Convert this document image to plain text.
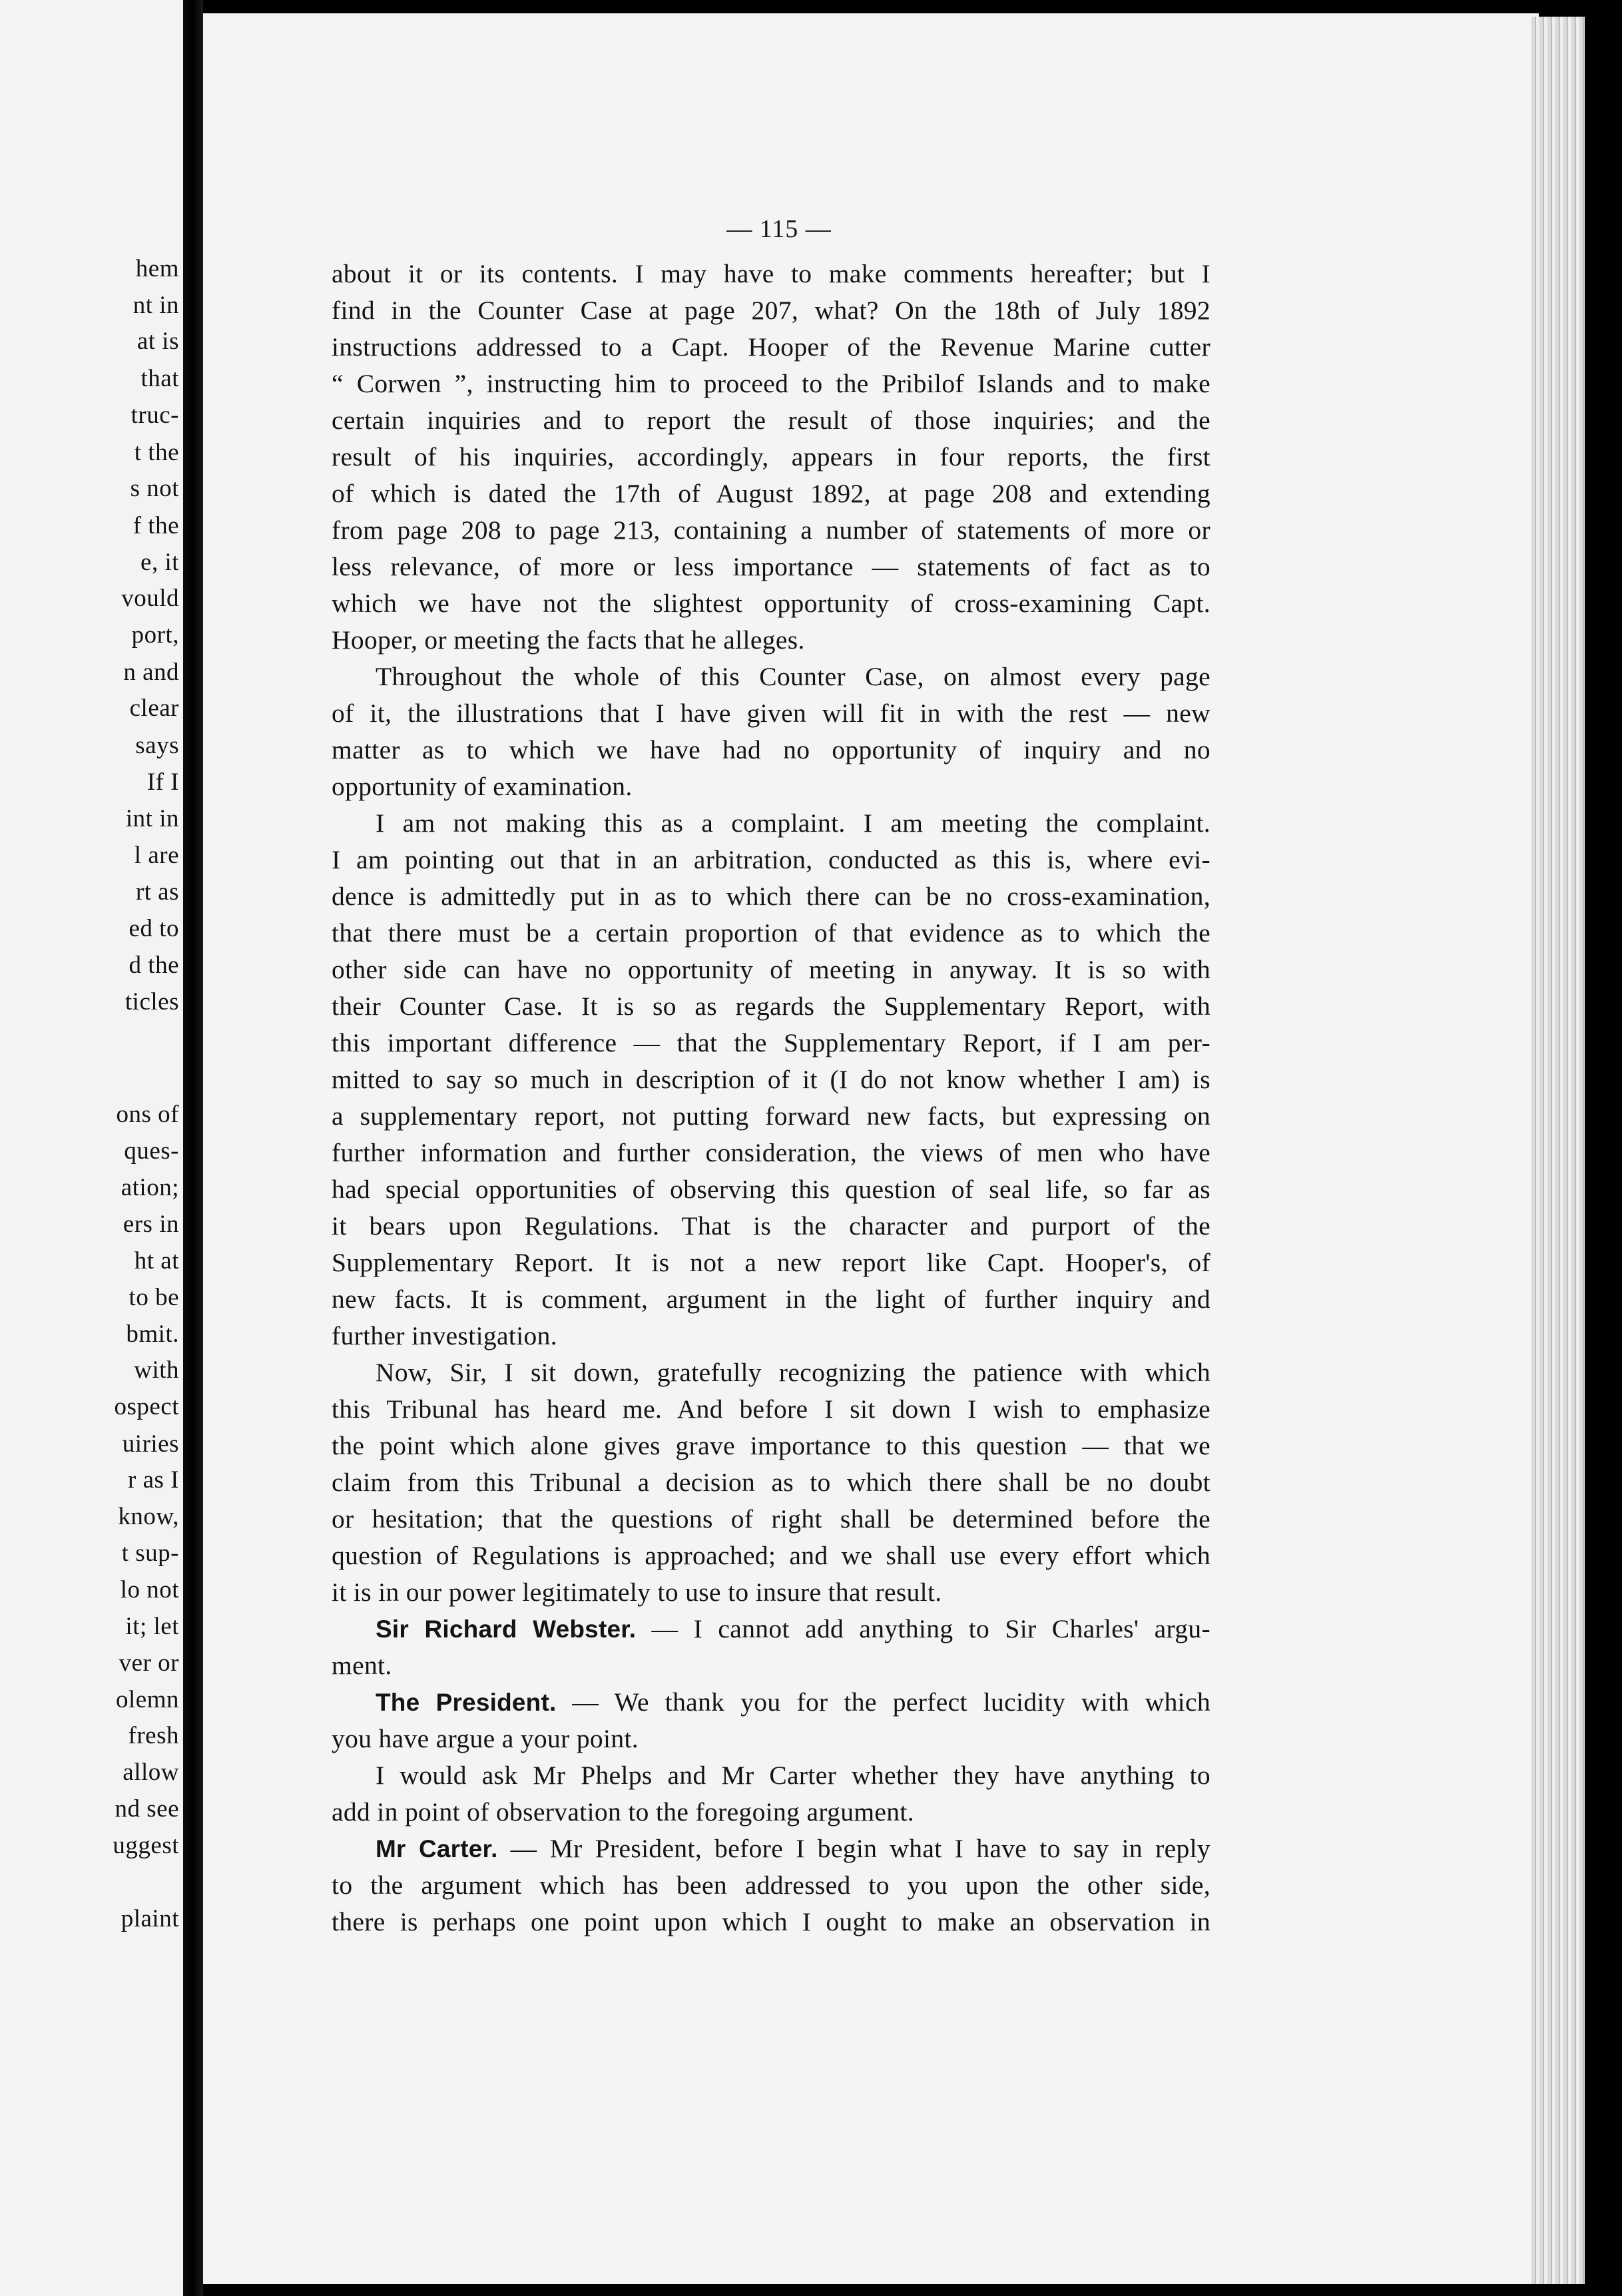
hem
nt in
at is
that
truc-
t the
s not
f the
e, it
vould
port,
n and
clear
says
If I
int in
l are
rt as
ed to
d the
ticles
ons of
ques-
ation;
ers in
ht at
to be
bmit.
with
ospect
uiries
r as I
know,
t sup-
lo not
it; let
ver or
olemn
fresh
allow
nd see
uggest
plaint
— 115 —
about it or its contents. I may have to make comments hereafter; but I
find in the Counter Case at page 207, what? On the 18th of July 1892
instructions addressed to a Capt. Hooper of the Revenue Marine cutter
“ Corwen ”, instructing him to proceed to the Pribilof Islands and to make
certain inquiries and to report the result of those inquiries; and the
result of his inquiries, accordingly, appears in four reports, the first
of which is dated the 17th of August 1892, at page 208 and extending
from page 208 to page 213, containing a number of statements of more or
less relevance, of more or less importance — statements of fact as to
which we have not the slightest opportunity of cross-examining Capt.
Hooper, or meeting the facts that he alleges.
Throughout the whole of this Counter Case, on almost every page
of it, the illustrations that I have given will fit in with the rest — new
matter as to which we have had no opportunity of inquiry and no
opportunity of examination.
I am not making this as a complaint. I am meeting the complaint.
I am pointing out that in an arbitration, conducted as this is, where evi-
dence is admittedly put in as to which there can be no cross-examination,
that there must be a certain proportion of that evidence as to which the
other side can have no opportunity of meeting in anyway. It is so with
their Counter Case. It is so as regards the Supplementary Report, with
this important difference — that the Supplementary Report, if I am per-
mitted to say so much in description of it (I do not know whether I am) is
a supplementary report, not putting forward new facts, but expressing on
further information and further consideration, the views of men who have
had special opportunities of observing this question of seal life, so far as
it bears upon Regulations. That is the character and purport of the
Supplementary Report. It is not a new report like Capt. Hooper's, of
new facts. It is comment, argument in the light of further inquiry and
further investigation.
Now, Sir, I sit down, gratefully recognizing the patience with which
this Tribunal has heard me. And before I sit down I wish to emphasize
the point which alone gives grave importance to this question — that we
claim from this Tribunal a decision as to which there shall be no doubt
or hesitation; that the questions of right shall be determined before the
question of Regulations is approached; and we shall use every effort which
it is in our power legitimately to use to insure that result.
Sir Richard Webster. — I cannot add anything to Sir Charles' argu-
ment.
The President. — We thank you for the perfect lucidity with which
you have argue a your point.
I would ask Mr Phelps and Mr Carter whether they have anything to
add in point of observation to the foregoing argument.
Mr Carter. — Mr President, before I begin what I have to say in reply
to the argument which has been addressed to you upon the other side,
there is perhaps one point upon which I ought to make an observation in
